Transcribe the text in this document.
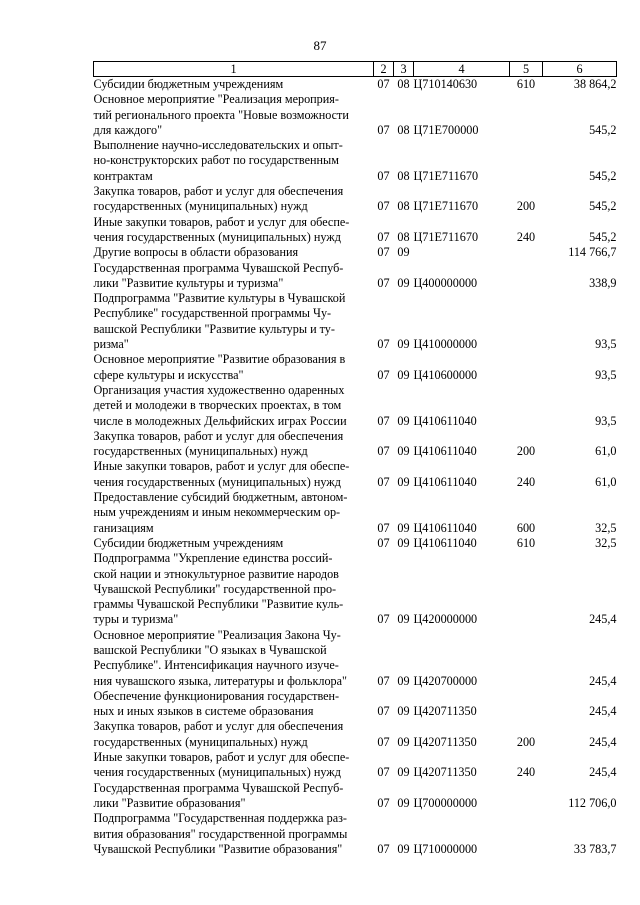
87
1	2	3	4	5	6
Субсидии бюджетным учреждениям	07	08	Ц710140630	610	38 864,2
Основное мероприятие "Реализация мероприя-
тий регионального проекта "Новые возможности
для каждого"	07	08	Ц71Е700000		545,2
Выполнение научно-исследовательских и опыт-
но-конструкторских работ по государственным
контрактам	07	08	Ц71Е711670		545,2
Закупка товаров, работ и услуг для обеспечения
государственных (муниципальных) нужд	07	08	Ц71Е711670	200	545,2
Иные закупки товаров, работ и услуг для обеспе-
чения государственных (муниципальных) нужд	07	08	Ц71Е711670	240	545,2
Другие вопросы в области образования	07	09			114 766,7
Государственная программа Чувашской Респуб-
лики "Развитие культуры и туризма"	07	09	Ц400000000		338,9
Подпрограмма "Развитие культуры в Чувашской
Республике" государственной программы Чу-
вашской Республики "Развитие культуры и ту-
ризма"	07	09	Ц410000000		93,5
Основное мероприятие "Развитие образования в
сфере культуры и искусства"	07	09	Ц410600000		93,5
Организация участия художественно одаренных
детей и молодежи в творческих проектах, в том
числе в молодежных Дельфийских играх России	07	09	Ц410611040		93,5
Закупка товаров, работ и услуг для обеспечения
государственных (муниципальных) нужд	07	09	Ц410611040	200	61,0
Иные закупки товаров, работ и услуг для обеспе-
чения государственных (муниципальных) нужд	07	09	Ц410611040	240	61,0
Предоставление субсидий бюджетным, автоном-
ным учреждениям и иным некоммерческим ор-
ганизациям	07	09	Ц410611040	600	32,5
Субсидии бюджетным учреждениям	07	09	Ц410611040	610	32,5
Подпрограмма "Укрепление единства россий-
ской нации и этнокультурное развитие народов
Чувашской Республики" государственной про-
граммы Чувашской Республики "Развитие куль-
туры и туризма"	07	09	Ц420000000		245,4
Основное мероприятие "Реализация Закона Чу-
вашской Республики "О языках в Чувашской
Республике". Интенсификация научного изуче-
ния чувашского языка, литературы и фольклора"	07	09	Ц420700000		245,4
Обеспечение функционирования государствен-
ных и иных языков в системе образования	07	09	Ц420711350		245,4
Закупка товаров, работ и услуг для обеспечения
государственных (муниципальных) нужд	07	09	Ц420711350	200	245,4
Иные закупки товаров, работ и услуг для обеспе-
чения государственных (муниципальных) нужд	07	09	Ц420711350	240	245,4
Государственная программа Чувашской Респуб-
лики "Развитие образования"	07	09	Ц700000000		112 706,0
Подпрограмма "Государственная поддержка раз-
вития образования" государственной программы
Чувашской Республики "Развитие образования"	07	09	Ц710000000		33 783,7
